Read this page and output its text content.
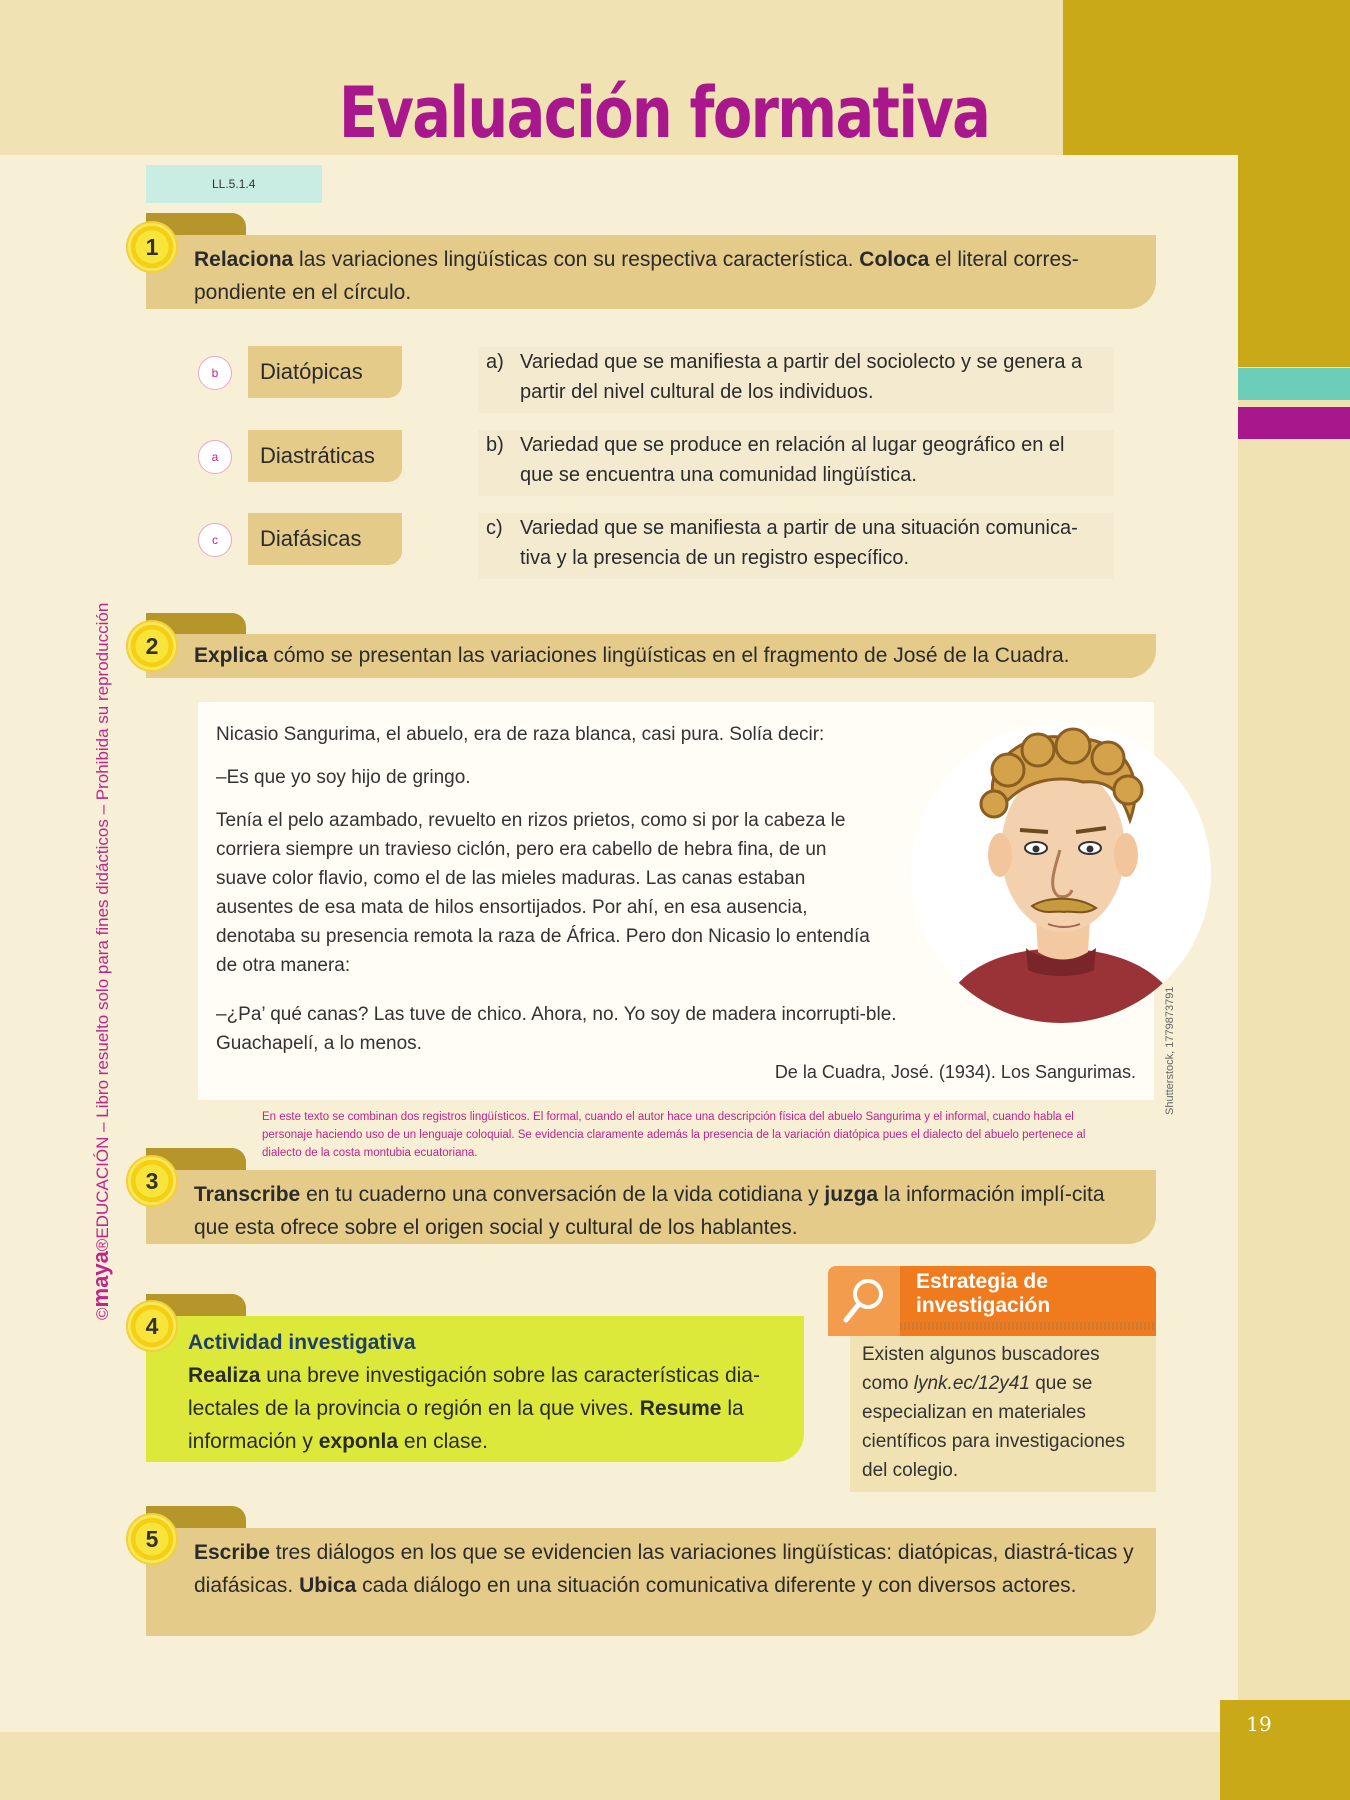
19
Evaluación formativa
LL.5.1.4
©maya®EDUCACIÓN – Libro resuelto solo para fines didácticos – Prohibida su reproducción
Relaciona las variaciones lingüísticas con su respectiva característica. Coloca el literal corres-pondiente en el círculo.
1
b	Diatópicas
a	Diastráticas
c	Diafásicas
a) Variedad que se manifiesta a partir del sociolecto y se genera a partir del nivel cultural de los individuos.
b) Variedad que se produce en relación al lugar geográfico en el que se encuentra una comunidad lingüística.
c) Variedad que se manifiesta a partir de una situación comunica-tiva y la presencia de un registro específico.
Explica cómo se presentan las variaciones lingüísticas en el fragmento de José de la Cuadra.
2
Nicasio Sangurima, el abuelo, era de raza blanca, casi pura. Solía decir:
–Es que yo soy hijo de gringo.
Tenía el pelo azambado, revuelto en rizos prietos, como si por la cabeza le corriera siempre un travieso ciclón, pero era cabello de hebra fina, de un suave color flavio, como el de las mieles maduras. Las canas estaban ausentes de esa mata de hilos ensortijados. Por ahí, en esa ausencia, denotaba su presencia remota la raza de África. Pero don Nicasio lo entendía de otra manera:
–¿Pa’ qué canas? Las tuve de chico. Ahora, no. Yo soy de madera incorrupti-ble. Guachapelí, a lo menos.
De la Cuadra, José. (1934). Los Sangurimas.	Shutterstock, 1779873791
En este texto se combinan dos registros lingüísticos. El formal, cuando el autor hace una descripción física del abuelo Sangurima y el informal, cuando habla el personaje haciendo uso de un lenguaje coloquial. Se evidencia claramente además la presencia de la variación diatópica pues el dialecto del abuelo pertenece al dialecto de la costa montubia ecuatoriana.
Transcribe en tu cuaderno una conversación de la vida cotidiana y juzga la información implí-cita que esta ofrece sobre el origen social y cultural de los hablantes.
3
Actividad investigativa
Realiza una breve investigación sobre las características dia-lectales de la provincia o región en la que vives. Resume la información y exponla en clase.
4
Estrategia de investigación
Existen algunos buscadores como lynk.ec/12y41 que se especializan en materiales científicos para investigaciones del colegio.
Escribe tres diálogos en los que se evidencien las variaciones lingüísticas: diatópicas, diastrá-ticas y diafásicas. Ubica cada diálogo en una situación comunicativa diferente y con diversos actores.
5
